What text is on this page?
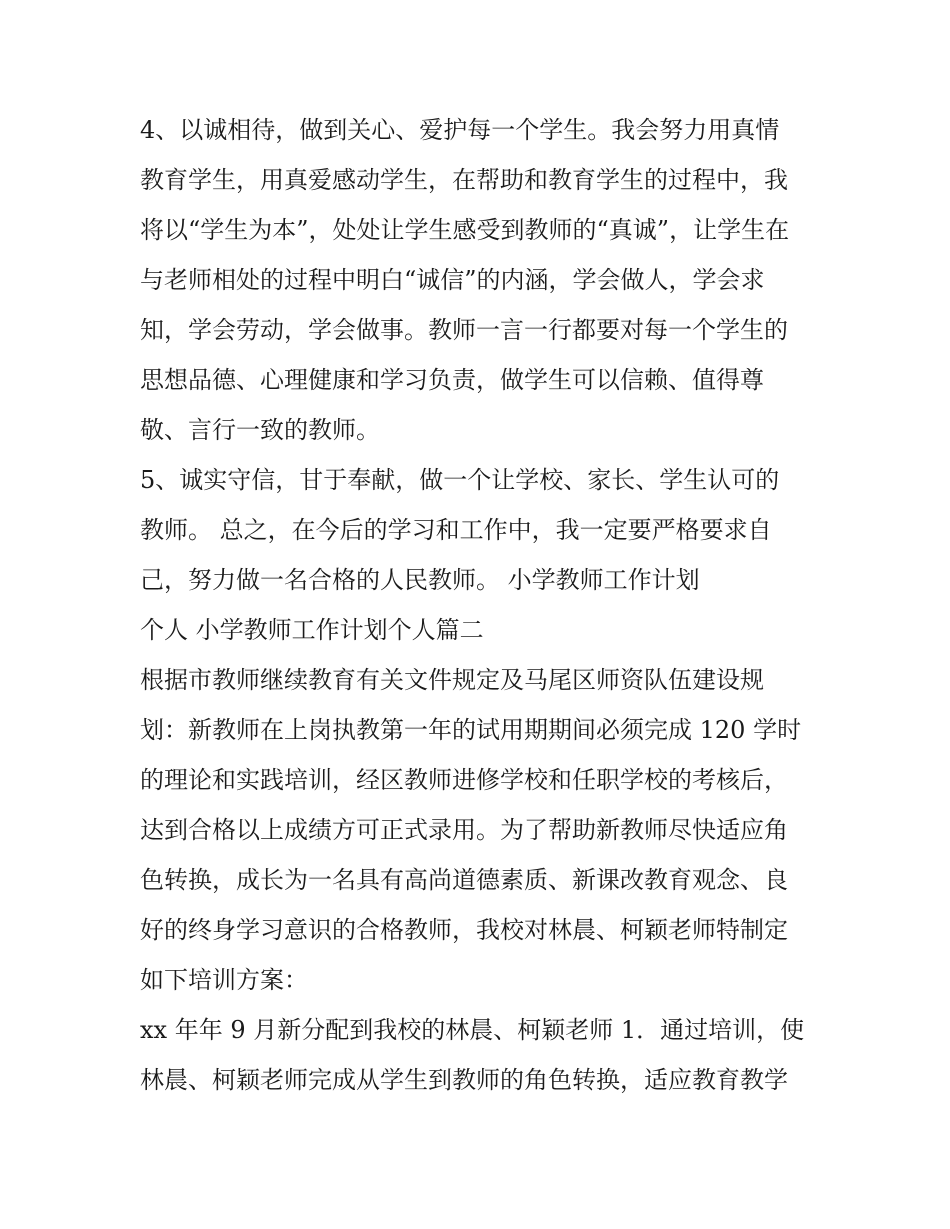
4、以诚相待，做到关心、爱护每一个学生。我会努力用真情

教育学生，用真爱感动学生，在帮助和教育学生的过程中，我

将以“学生为本”，处处让学生感受到教师的“真诚”，让学生在

与老师相处的过程中明白“诚信”的内涵，学会做人，学会求

知，学会劳动，学会做事。教师一言一行都要对每一个学生的

思想品德、心理健康和学习负责，做学生可以信赖、值得尊

敬、言行一致的教师。

5、诚实守信，甘于奉献，做一个让学校、家长、学生认可的

教师。 总之，在今后的学习和工作中，我一定要严格要求自

己，努力做一名合格的人民教师。 小学教师工作计划

个人 小学教师工作计划个人篇二

根据市教师继续教育有关文件规定及马尾区师资队伍建设规

划：新教师在上岗执教第一年的试用期期间必须完成 120 学时

的理论和实践培训，经区教师进修学校和任职学校的考核后，

达到合格以上成绩方可正式录用。为了帮助新教师尽快适应角

色转换，成长为一名具有高尚道德素质、新课改教育观念、良

好的终身学习意识的合格教师，我校对林晨、柯颖老师特制定

如下培训方案：

xx 年年 9 月新分配到我校的林晨、柯颖老师 1．通过培训，使

林晨、柯颖老师完成从学生到教师的角色转换，适应教育教学
